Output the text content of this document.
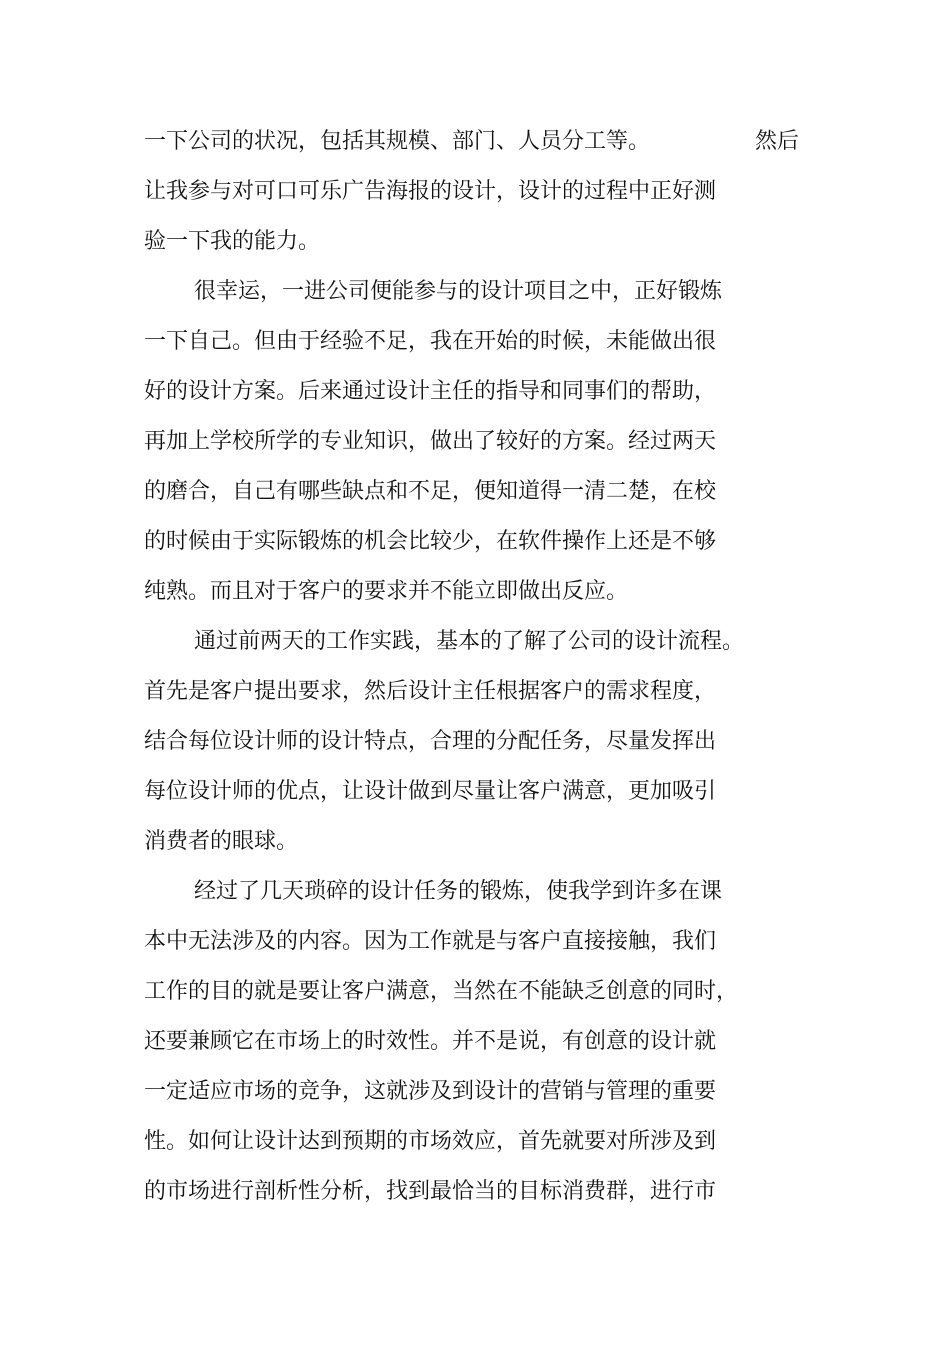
一下公司的状况，包括其规模、部门、人员分工等。	然后
让我参与对可口可乐广告海报的设计，设计的过程中正好测
验一下我的能力。
很幸运，一进公司便能参与的设计项目之中，正好锻炼
一下自己。但由于经验不足，我在开始的时候，未能做出很
好的设计方案。后来通过设计主任的指导和同事们的帮助，
再加上学校所学的专业知识，做出了较好的方案。经过两天
的磨合，自己有哪些缺点和不足，便知道得一清二楚，在校
的时候由于实际锻炼的机会比较少，在软件操作上还是不够
纯熟。而且对于客户的要求并不能立即做出反应。
通过前两天的工作实践，基本的了解了公司的设计流程。
首先是客户提出要求，然后设计主任根据客户的需求程度，
结合每位设计师的设计特点，合理的分配任务，尽量发挥出
每位设计师的优点，让设计做到尽量让客户满意，更加吸引
消费者的眼球。
经过了几天琐碎的设计任务的锻炼，使我学到许多在课
本中无法涉及的内容。因为工作就是与客户直接接触，我们
工作的目的就是要让客户满意，当然在不能缺乏创意的同时，
还要兼顾它在市场上的时效性。并不是说，有创意的设计就
一定适应市场的竞争，这就涉及到设计的营销与管理的重要
性。如何让设计达到预期的市场效应，首先就要对所涉及到
的市场进行剖析性分析，找到最恰当的目标消费群，进行市
